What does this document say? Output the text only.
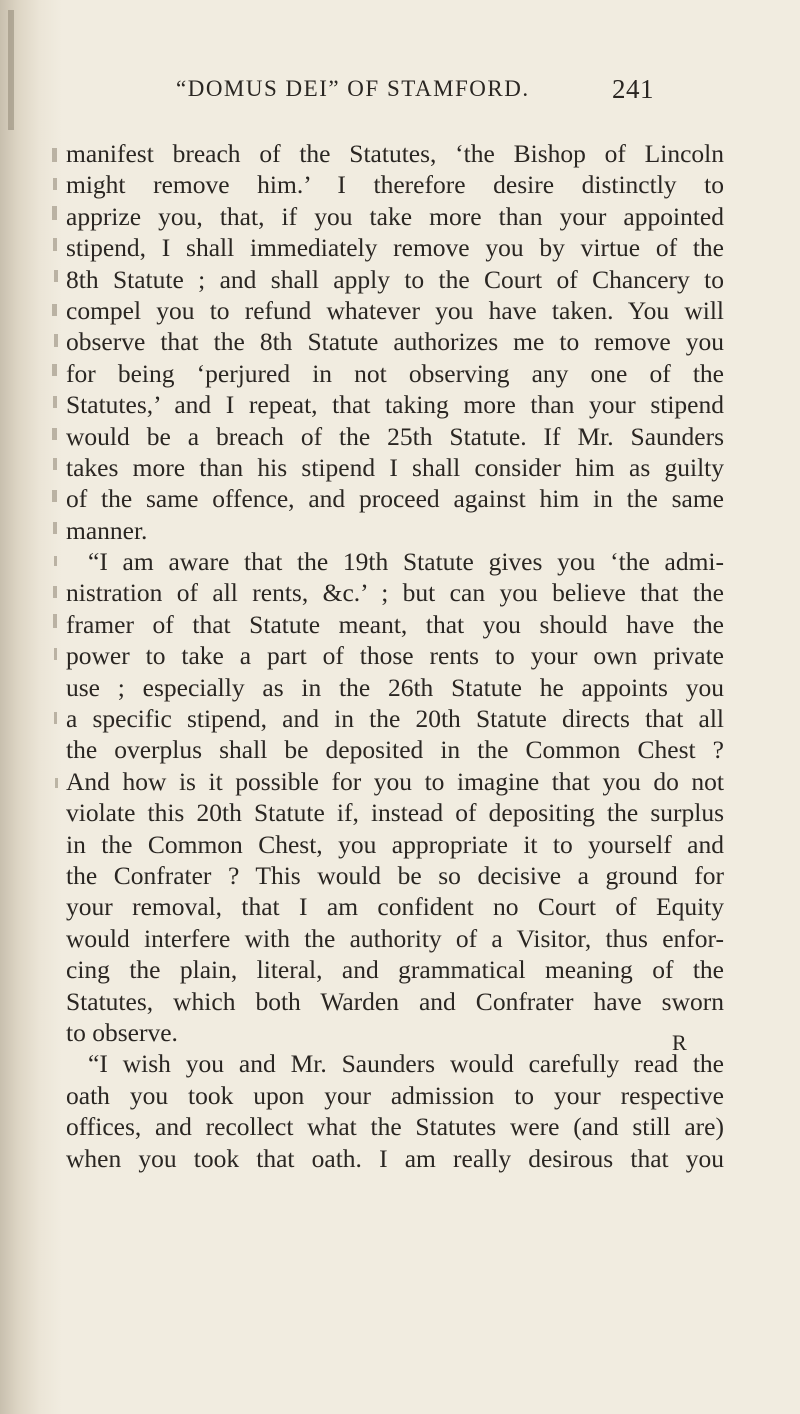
“DOMUS DEI” OF STAMFORD.	241
manifest breach of the Statutes, ‘the Bishop of Lincoln
might remove him.’ I therefore desire distinctly to
apprize you, that, if you take more than your appointed
stipend, I shall immediately remove you by virtue of the
8th Statute ; and shall apply to the Court of Chancery to
compel you to refund whatever you have taken. You will
observe that the 8th Statute authorizes me to remove you
for being ‘perjured in not observing any one of the
Statutes,’ and I repeat, that taking more than your stipend
would be a breach of the 25th Statute. If Mr. Saunders
takes more than his stipend I shall consider him as guilty
of the same offence, and proceed against him in the same
manner.
“I am aware that the 19th Statute gives you ‘the admi-
nistration of all rents, &c.’ ; but can you believe that the
framer of that Statute meant, that you should have the
power to take a part of those rents to your own private
use ; especially as in the 26th Statute he appoints you
a specific stipend, and in the 20th Statute directs that all
the overplus shall be deposited in the Common Chest ?
And how is it possible for you to imagine that you do not
violate this 20th Statute if, instead of depositing the surplus
in the Common Chest, you appropriate it to yourself and
the Confrater ? This would be so decisive a ground for
your removal, that I am confident no Court of Equity
would interfere with the authority of a Visitor, thus enfor-
cing the plain, literal, and grammatical meaning of the
Statutes, which both Warden and Confrater have sworn
to observe.
“I wish you and Mr. Saunders would carefully read the
oath you took upon your admission to your respective
offices, and recollect what the Statutes were (and still are)
when you took that oath. I am really desirous that you
R
